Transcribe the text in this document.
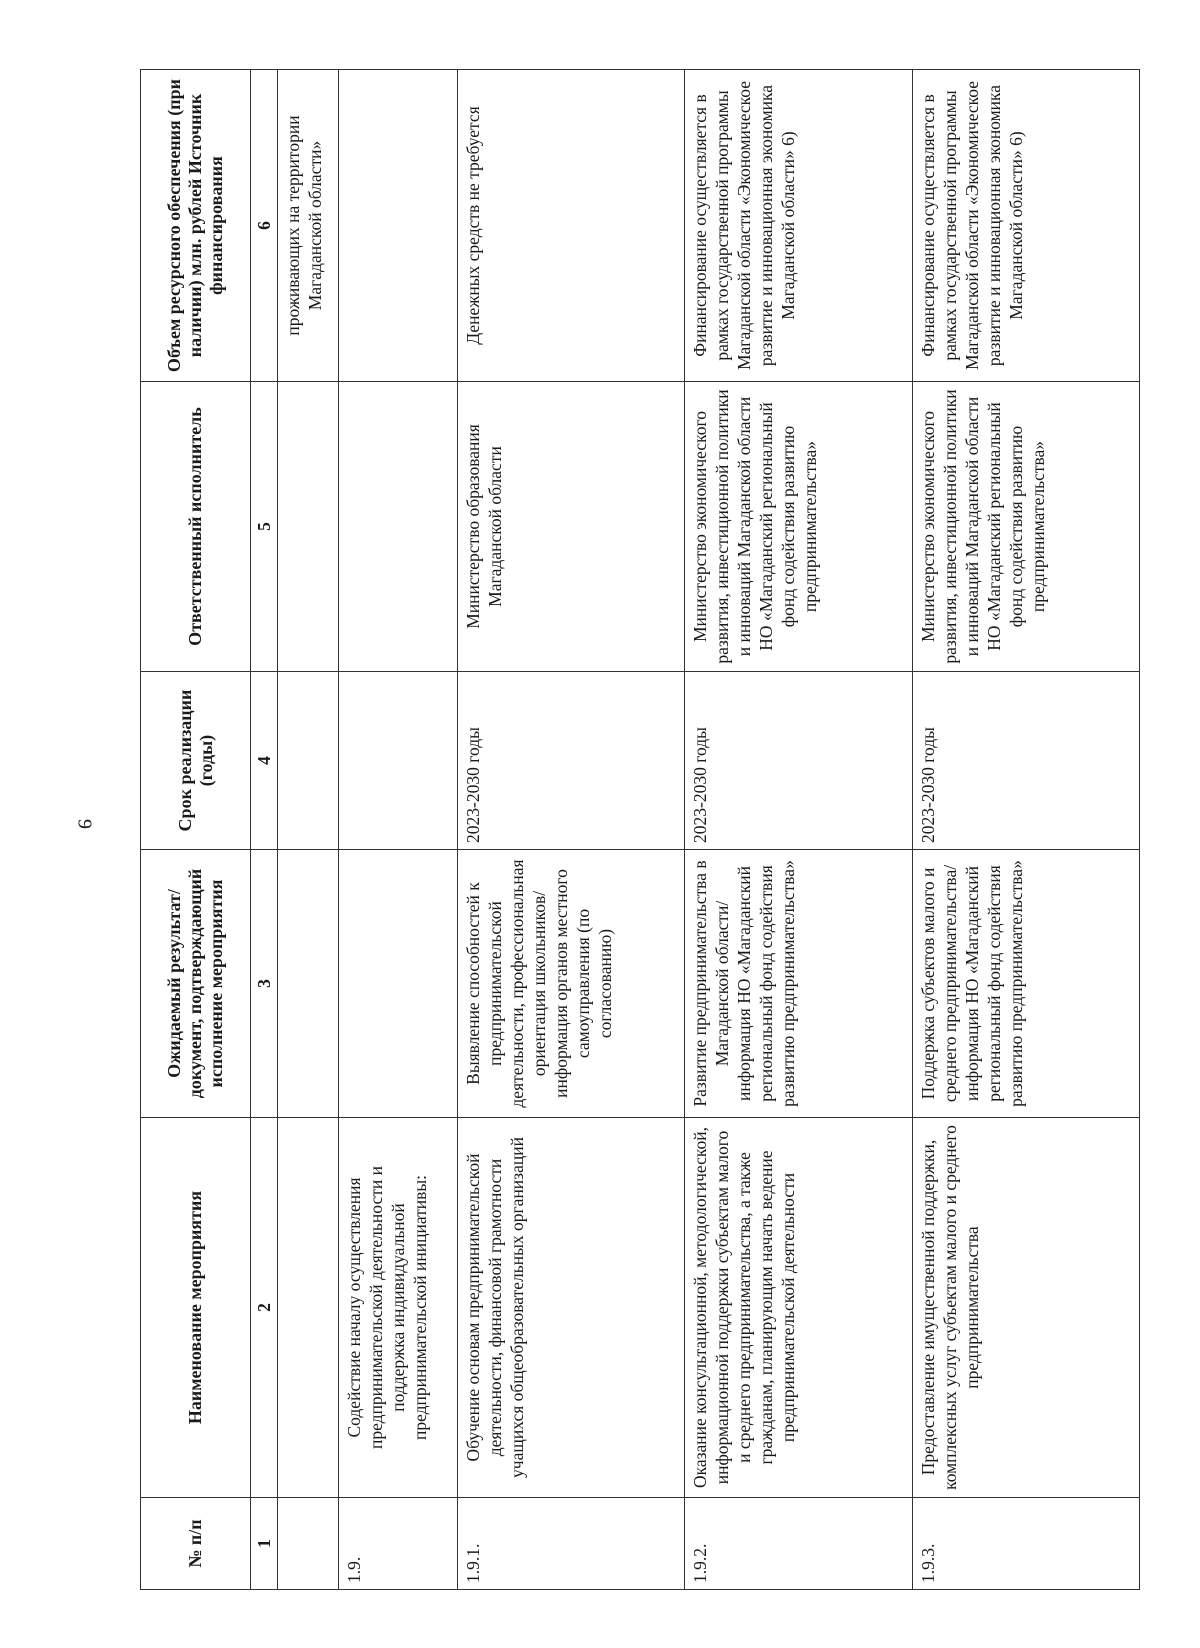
9
№ п/п	Наименование мероприятия	Ожидаемый результат/ документ, подтверждающий исполнение мероприятия	Срок реализации (годы)	Ответственный исполнитель	Объем ресурсного обеспечения (при наличии) млн. рублей Источник финансирования
1	2	3	4	5	6
					проживающих на территории Магаданской области»
1.9.	Содействие началу осуществления предпринимательской деятельности и поддержка индивидуальной предпринимательской инициативы:				
1.9.1.	Обучение основам предпринимательской деятельности, финансовой грамотности учащихся общеобразовательных организаций	Выявление способностей к предпринимательской деятельности, профессиональная ориентация школьников/информация органов местного самоуправления (по согласованию)	2023-2030 годы	Министерство образования Магаданской области	Денежных средств не требуется
1.9.2.	Оказание консультационной, методологической, информационной поддержки субъектам малого и среднего предпринимательства, а также гражданам, планирующим начать ведение предпринимательской деятельности	Развитие предпринимательства в Магаданской области/информация НО «Магаданский региональный фонд содействия развитию предпринимательства»	2023-2030 годы	Министерство экономического развития, инвестиционной политики и инноваций Магаданской области НО «Магаданский региональный фонд содействия развитию предпринимательства»	Финансирование осуществляется в рамках государственной программы Магаданской области «Экономическое развитие и инновационная экономика Магаданской области» 6)
1.9.3.	Предоставление имущественной поддержки, комплексных услуг субъектам малого и среднего предпринимательства	Поддержка субъектов малого и среднего предпринимательства/информация НО «Магаданский региональный фонд содействия развитию предпринимательства»	2023-2030 годы	Министерство экономического развития, инвестиционной политики и инноваций Магаданской области НО «Магаданский региональный фонд содействия развитию предпринимательства»	Финансирование осуществляется в рамках государственной программы Магаданской области «Экономическое развитие и инновационная экономика Магаданской области» 6)
